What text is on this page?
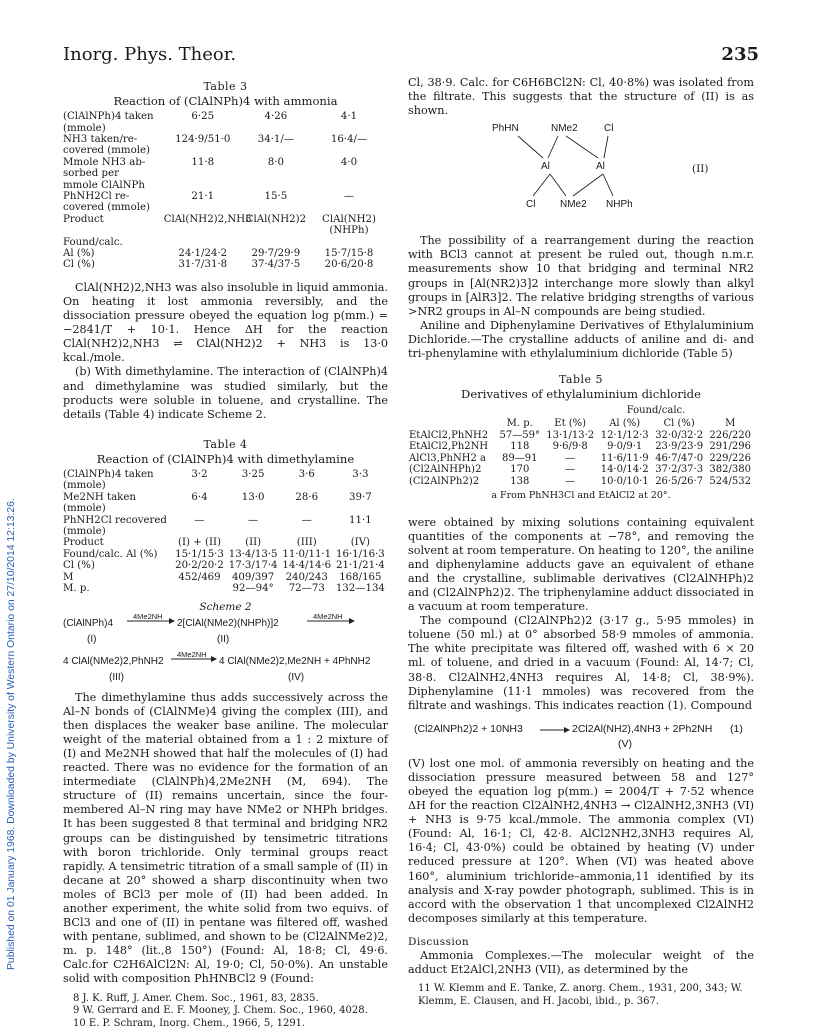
Published on 01 January 1968. Downloaded by University of Western Ontario on 27/10/2014 12:13:26.
Inorg. Phys. Theor.	235
Table 3
Reaction of (ClAlNPh)4 with ammonia
(ClAlNPh)4 taken	6·25	4·26	4·1
(mmole)			
NH3 taken/re-	124·9/51·0	34·1/—	16·4/—
covered (mmole)			
Mmole NH3 ab-	11·8	8·0	4·0
sorbed per			
mmole ClAlNPh			
PhNH2Cl re-	21·1	15·5	—
covered (mmole)			
Product	ClAl(NH2)2,NH3	ClAl(NH2)2	ClAl(NH2)(NHPh)
Found/calc.			
Al (%)	24·1/24·2	29·7/29·9	15·7/15·8
Cl (%)	31·7/31·8	37·4/37·5	20·6/20·8

ClAl(NH2)2,NH3 was also insoluble in liquid ammonia. On heating it lost ammonia reversibly, and the dissociation pressure obeyed the equation log p(mm.) = −2841/T + 10·1. Hence ΔH for the reaction ClAl(NH2)2,NH3 ⇌ ClAl(NH2)2 + NH3 is 13·0 kcal./mole.

(b) With dimethylamine. The interaction of (ClAlNPh)4 and dimethylamine was studied similarly, but the products were soluble in toluene, and crystalline. The details (Table 4) indicate Scheme 2.

Table 4
Reaction of (ClAlNPh)4 with dimethylamine
(ClAlNPh)4 taken	3·2	3·25	3·6	3·3
(mmole)				
Me2NH taken (mmole)	6·4	13·0	28·6	39·7
PhNH2Cl recovered	—	—	—	11·1
(mmole)				
Product	(I) + (II)	(II)	(III)	(IV)
Found/calc. Al (%)	15·1/15·3	13·4/13·5	11·0/11·1	16·1/16·3
Cl (%)	20·2/20·2	17·3/17·4	14·4/14·6	21·1/21·4
M	452/469	409/397	240/243	168/165
M. p.		92—94°	72—73	132—134
Scheme 2
(ClAlNPh)4
4Me2NH
2[ClAl(NMe2)(NHPh)]2
4Me2NH
(I)	(II)
4 ClAl(NMe2)2,PhNH2
4Me2NH
4 ClAl(NMe2)2,Me2NH + 4PhNH2
(III)	(IV)

The dimethylamine thus adds successively across the Al–N bonds of (ClAlNMe)4 giving the complex (III), and then displaces the weaker base aniline. The molecular weight of the material obtained from a 1 : 2 mixture of (I) and Me2NH showed that half the molecules of (I) had reacted. There was no evidence for the formation of an intermediate (ClAlNPh)4,2Me2NH (M, 694). The structure of (II) remains uncertain, since the four-membered Al–N ring may have NMe2 or NHPh bridges. It has been suggested 8 that terminal and bridging NR2 groups can be distinguished by tensimetric titrations with boron trichloride. Only terminal groups react rapidly. A tensimetric titration of a small sample of (II) in decane at 20° showed a sharp discontinuity when two moles of BCl3 per mole of (II) had been added. In another experiment, the white solid from two equivs. of BCl3 and one of (II) in pentane was filtered off, washed with pentane, sublimed, and shown to be (Cl2AlNMe2)2, m. p. 148° (lit.,8 150°) (Found: Al, 18·8; Cl, 49·6. Calc.for C2H6AlCl2N: Al, 19·0; Cl, 50·0%). An unstable solid with composition PhHNBCl2 9 (Found:

8 J. K. Ruff, J. Amer. Chem. Soc., 1961, 83, 2835.

9 W. Gerrard and E. F. Mooney, J. Chem. Soc., 1960, 4028.

10 E. P. Schram, Inorg. Chem., 1966, 5, 1291.

Cl, 38·9. Calc. for C6H6BCl2N: Cl, 40·8%) was isolated from the filtrate. This suggests that the structure of (II) is as shown.

PhHN	NMe2	Cl
Al	Al
Cl NMe2 NHPh
(II)

The possibility of a rearrangement during the reaction with BCl3 cannot at present be ruled out, though n.m.r. measurements show 10 that bridging and terminal NR2 groups in [Al(NR2)3]2 interchange more slowly than alkyl groups in [AlR3]2. The relative bridging strengths of various >NR2 groups in Al–N compounds are being studied.

Aniline and Diphenylamine Derivatives of Ethylaluminium Dichloride.—The crystalline adducts of aniline and di- and tri-phenylamine with ethylaluminium dichloride (Table 5)

Table 5
Derivatives of ethylaluminium dichloride
Found/calc.
	M. p.	Et (%)	Al (%)	Cl (%)	M
EtAlCl2,PhNH2	57—59°	13·1/13·2	12·1/12·3	32·0/32·2	226/220
EtAlCl2,Ph2NH	118	9·6/9·8	9·0/9·1	23·9/23·9	291/296
AlCl3,PhNH2 a	89—91	—	11·6/11·9	46·7/47·0	229/226
(Cl2AlNHPh)2	170	—	14·0/14·2	37·2/37·3	382/380
(Cl2AlNPh2)2	138	—	10·0/10·1	26·5/26·7	524/532
a From PhNH3Cl and EtAlCl2 at 20°.

were obtained by mixing solutions containing equivalent quantities of the components at −78°, and removing the solvent at room temperature. On heating to 120°, the aniline and diphenylamine adducts gave an equivalent of ethane and the crystalline, sublimable derivatives (Cl2AlNHPh)2 and (Cl2AlNPh2)2. The triphenylamine adduct dissociated in a vacuum at room temperature.

The compound (Cl2AlNPh2)2 (3·17 g., 5·95 mmoles) in toluene (50 ml.) at 0° absorbed 58·9 mmoles of ammonia. The white precipitate was filtered off, washed with 6 × 20 ml. of toluene, and dried in a vacuum (Found: Al, 14·7; Cl, 38·8. Cl2AlNH2,4NH3 requires Al, 14·8; Cl, 38·9%). Diphenylamine (11·1 mmoles) was recovered from the filtrate and washings. This indicates reaction (1). Compound

(Cl2AlNPh2)2 + 10NH3 → 2Cl2Al(NH2),4NH3 + 2Ph2NH (1)
(V)

(V) lost one mol. of ammonia reversibly on heating and the dissociation pressure measured between 58 and 127° obeyed the equation log p(mm.) = 2004/T + 7·52 whence ΔH for the reaction Cl2AlNH2,4NH3 → Cl2AlNH2,3NH3 (VI) + NH3 is 9·75 kcal./mmole. The ammonia complex (VI) (Found: Al, 16·1; Cl, 42·8. AlCl2NH2,3NH3 requires Al, 16·4; Cl, 43·0%) could be obtained by heating (V) under reduced pressure at 120°. When (VI) was heated above 160°, aluminium trichloride–ammonia,11 identified by its analysis and X-ray powder photograph, sublimed. This is in accord with the observation 1 that uncomplexed Cl2AlNH2 decomposes similarly at this temperature.

Discussion

Ammonia Complexes.—The molecular weight of the adduct Et2AlCl,2NH3 (VII), as determined by the

11 W. Klemm and E. Tanke, Z. anorg. Chem., 1931, 200, 343; W. Klemm, E. Clausen, and H. Jacobi, ibid., p. 367.
